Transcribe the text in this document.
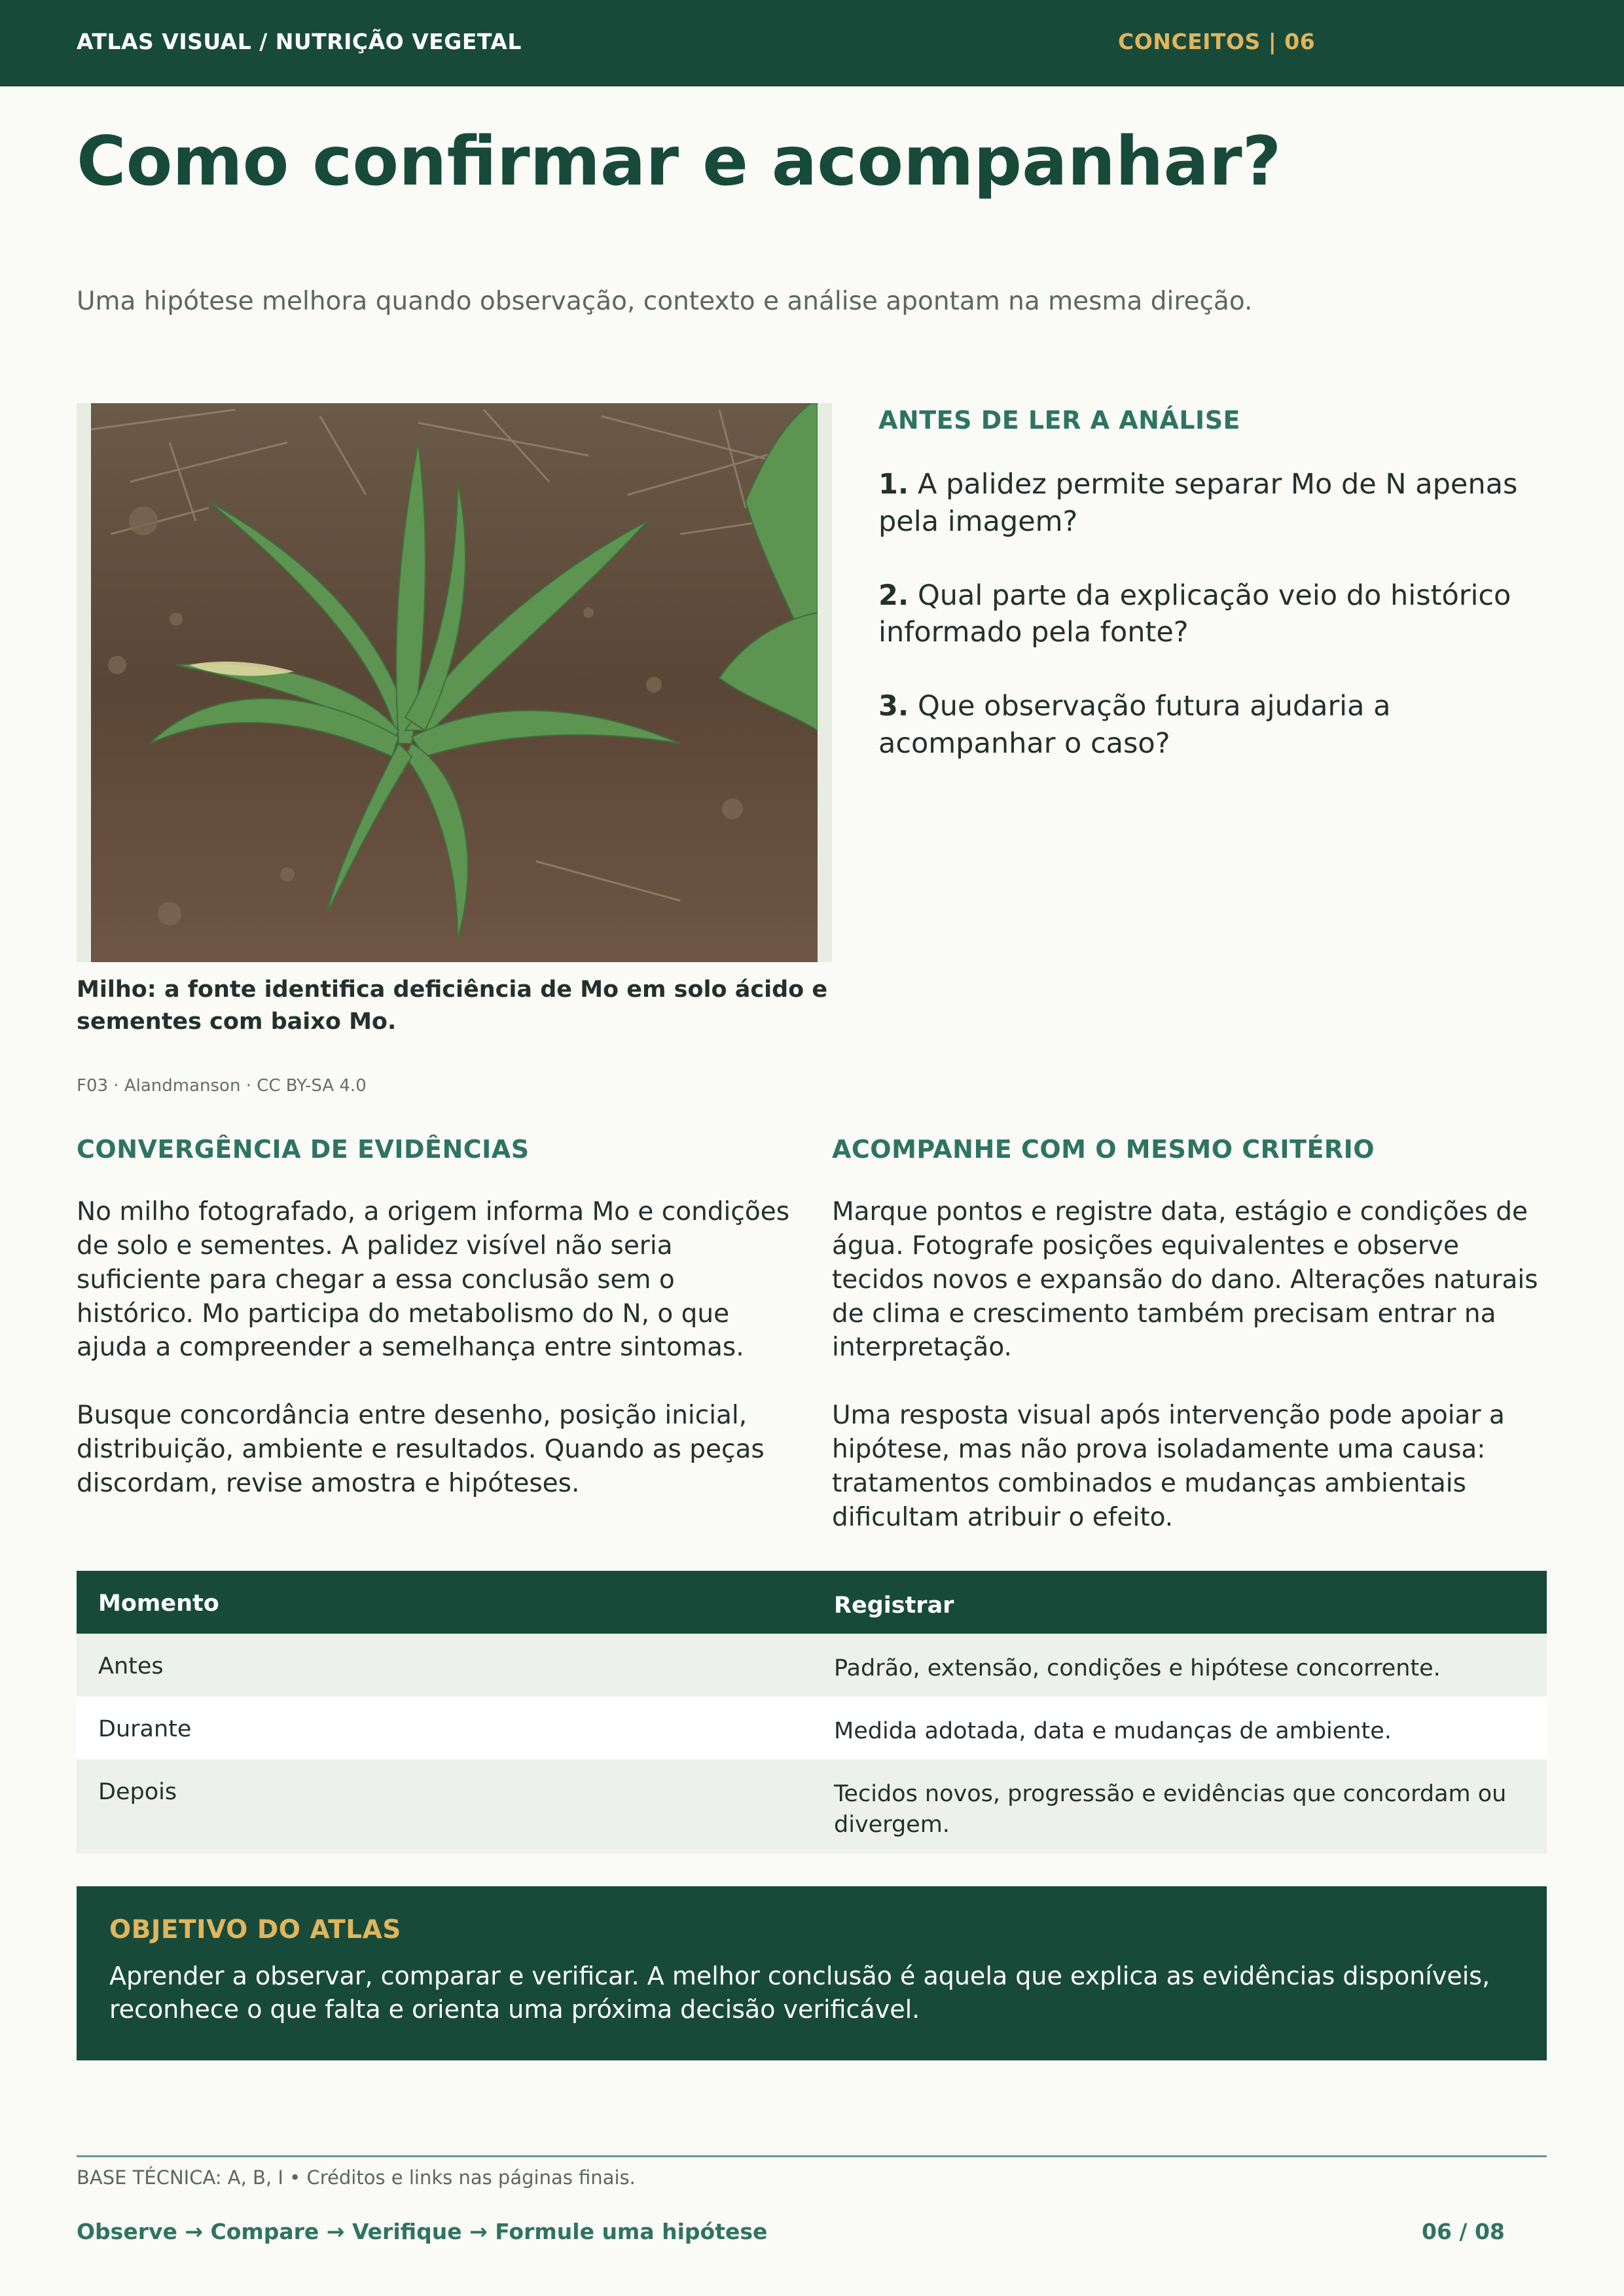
ATLAS VISUAL / NUTRIÇÃO VEGETAL	CONCEITOS | 06
Como confirmar e acompanhar?

Uma hipótese melhora quando observação, contexto e análise apontam na mesma direção.

Milho: a fonte identifica deficiência de Mo em solo ácido e sementes com baixo Mo.

F03 · Alandmanson · CC BY-SA 4.0

ANTES DE LER A ANÁLISE

1. A palidez permite separar Mo de N apenas pela imagem?

2. Qual parte da explicação veio do histórico informado pela fonte?

3. Que observação futura ajudaria a acompanhar o caso?

CONVERGÊNCIA DE EVIDÊNCIAS

No milho fotografado, a origem informa Mo e condições de solo e sementes. A palidez visível não seria suficiente para chegar a essa conclusão sem o histórico. Mo participa do metabolismo do N, o que ajuda a compreender a semelhança entre sintomas.

Busque concordância entre desenho, posição inicial, distribuição, ambiente e resultados. Quando as peças discordam, revise amostra e hipóteses.

ACOMPANHE COM O MESMO CRITÉRIO

Marque pontos e registre data, estágio e condições de água. Fotografe posições equivalentes e observe tecidos novos e expansão do dano. Alterações naturais de clima e crescimento também precisam entrar na interpretação.

Uma resposta visual após intervenção pode apoiar a hipótese, mas não prova isoladamente uma causa: tratamentos combinados e mudanças ambientais dificultam atribuir o efeito.

Momento	Registrar
Antes	Padrão, extensão, condições e hipótese concorrente.
Durante	Medida adotada, data e mudanças de ambiente.
Depois	Tecidos novos, progressão e evidências que concordam ou divergem.

OBJETIVO DO ATLAS

Aprender a observar, comparar e verificar. A melhor conclusão é aquela que explica as evidências disponíveis, reconhece o que falta e orienta uma próxima decisão verificável.

BASE TÉCNICA: A, B, I • Créditos e links nas páginas finais.

Observe → Compare → Verifique → Formule uma hipótese	06 / 08
